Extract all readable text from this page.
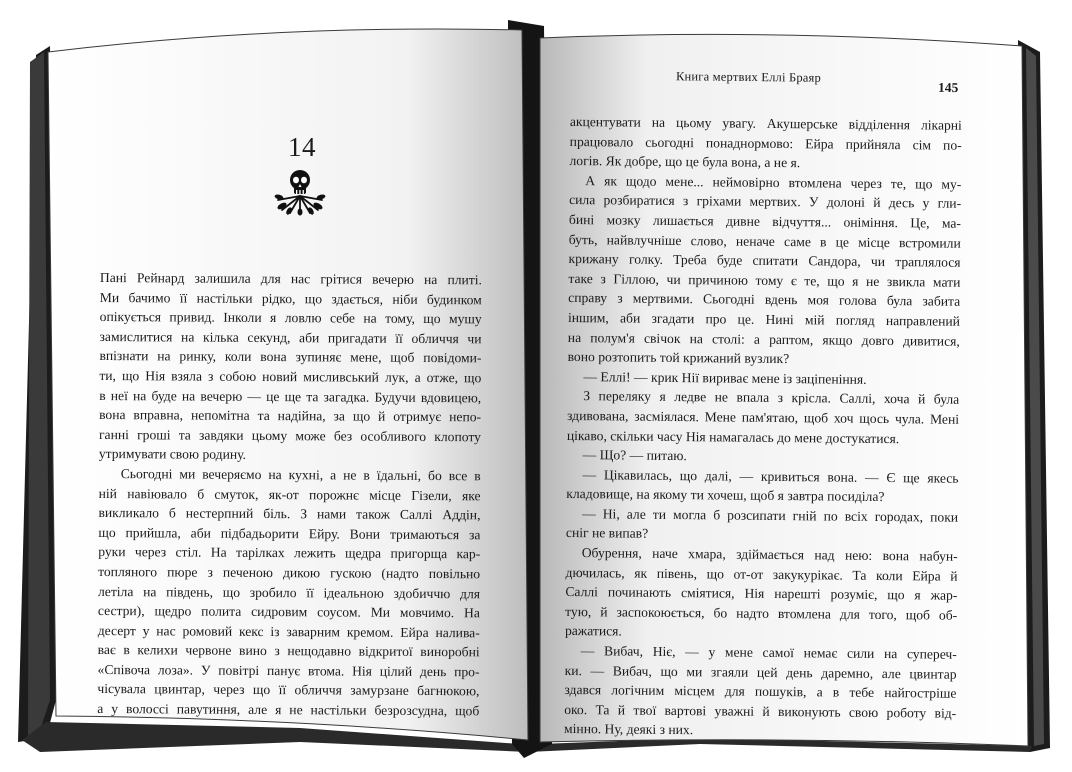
14

Пані Рейнард залишила для нас грітися вечерю на плиті.
Ми бачимо її настільки рідко, що здається, ніби будинком
опікується привид. Інколи я ловлю себе на тому, що мушу
замислитися на кілька секунд, аби пригадати її обличчя чи
впізнати на ринку, коли вона зупиняє мене, щоб повідоми-
ти, що Нія взяла з собою новий мисливський лук, а отже, що
в неї на буде на вечерю — це ще та загадка. Будучи вдовицею,
вона вправна, непомітна та надійна, за що й отримує непо-
ганні гроші та завдяки цьому може без особливого клопоту
утримувати свою родину.

Сьогодні ми вечеряємо на кухні, а не в їдальні, бо все в
ній навіювало б смуток, як-от порожнє місце Гізели, яке
викликало б нестерпний біль. З нами також Саллі Аддін,
що прийшла, аби підбадьорити Ейру. Вони тримаються за
руки через стіл. На тарілках лежить щедра пригорща кар-
топляного пюре з печеною дикою гускою (надто повільно
летіла на південь, що зробило її ідеальною здобиччю для
сестри), щедро полита сидровим соусом. Ми мовчимо. На
десерт у нас ромовий кекс із заварним кремом. Ейра налива-
ває в келихи червоне вино з нещодавно відкритої виноробні
«Співоча лоза». У повітрі панує втома. Нія цілий день про-
чісувала цвинтар, через що її обличчя замурзане багнюкою,
а у волоссі павутиння, але я не настільки безрозсудна, щоб

Книга мертвих Еллі Браяр
145

акцентувати на цьому увагу. Акушерське відділення лікарні
працювало сьогодні понаднормово: Ейра прийняла сім по-
логів. Як добре, що це була вона, а не я.

А як щодо мене... неймовірно втомлена через те, що му-
сила розбиратися з гріхами мертвих. У долоні й десь у гли-
бині мозку лишається дивне відчуття... оніміння. Це, ма-
буть, найвлучніше слово, неначе саме в це місце встромили
крижану голку. Треба буде спитати Сандора, чи траплялося
таке з Гіллою, чи причиною тому є те, що я не звикла мати
справу з мертвими. Сьогодні вдень моя голова була забита
іншим, аби згадати про це. Нині мій погляд направлений
на полум'я свічок на столі: а раптом, якщо довго дивитися,
воно розтопить той крижаний вузлик?

— Еллі! — крик Нії вириває мене із заціпеніння.

З переляку я ледве не впала з крісла. Саллі, хоча й була
здивована, засміялася. Мене пам'ятаю, щоб хоч щось чула. Мені
цікаво, скільки часу Нія намагалась до мене достукатися.

— Що? — питаю.

— Цікавилась, що далі, — кривиться вона. — Є ще якесь
кладовище, на якому ти хочеш, щоб я завтра посиділа?

— Ні, але ти могла б розсипати гній по всіх городах, поки
сніг не випав?

Обурення, наче хмара, здіймається над нею: вона набун-
дючилась, як півень, що от-от закукурікає. Та коли Ейра й
Саллі починають сміятися, Нія нарешті розуміє, що я жар-
тую, й заспокоюється, бо надто втомлена для того, щоб об-
ражатися.

— Вибач, Ніє, — у мене самої немає сили на супереч-
ки. — Вибач, що ми згаяли цей день даремно, але цвинтар
здався логічним місцем для пошуків, а в тебе найгостріше
око. Та й твої вартові уважні й виконують свою роботу від-
мінно. Ну, деякі з них.
